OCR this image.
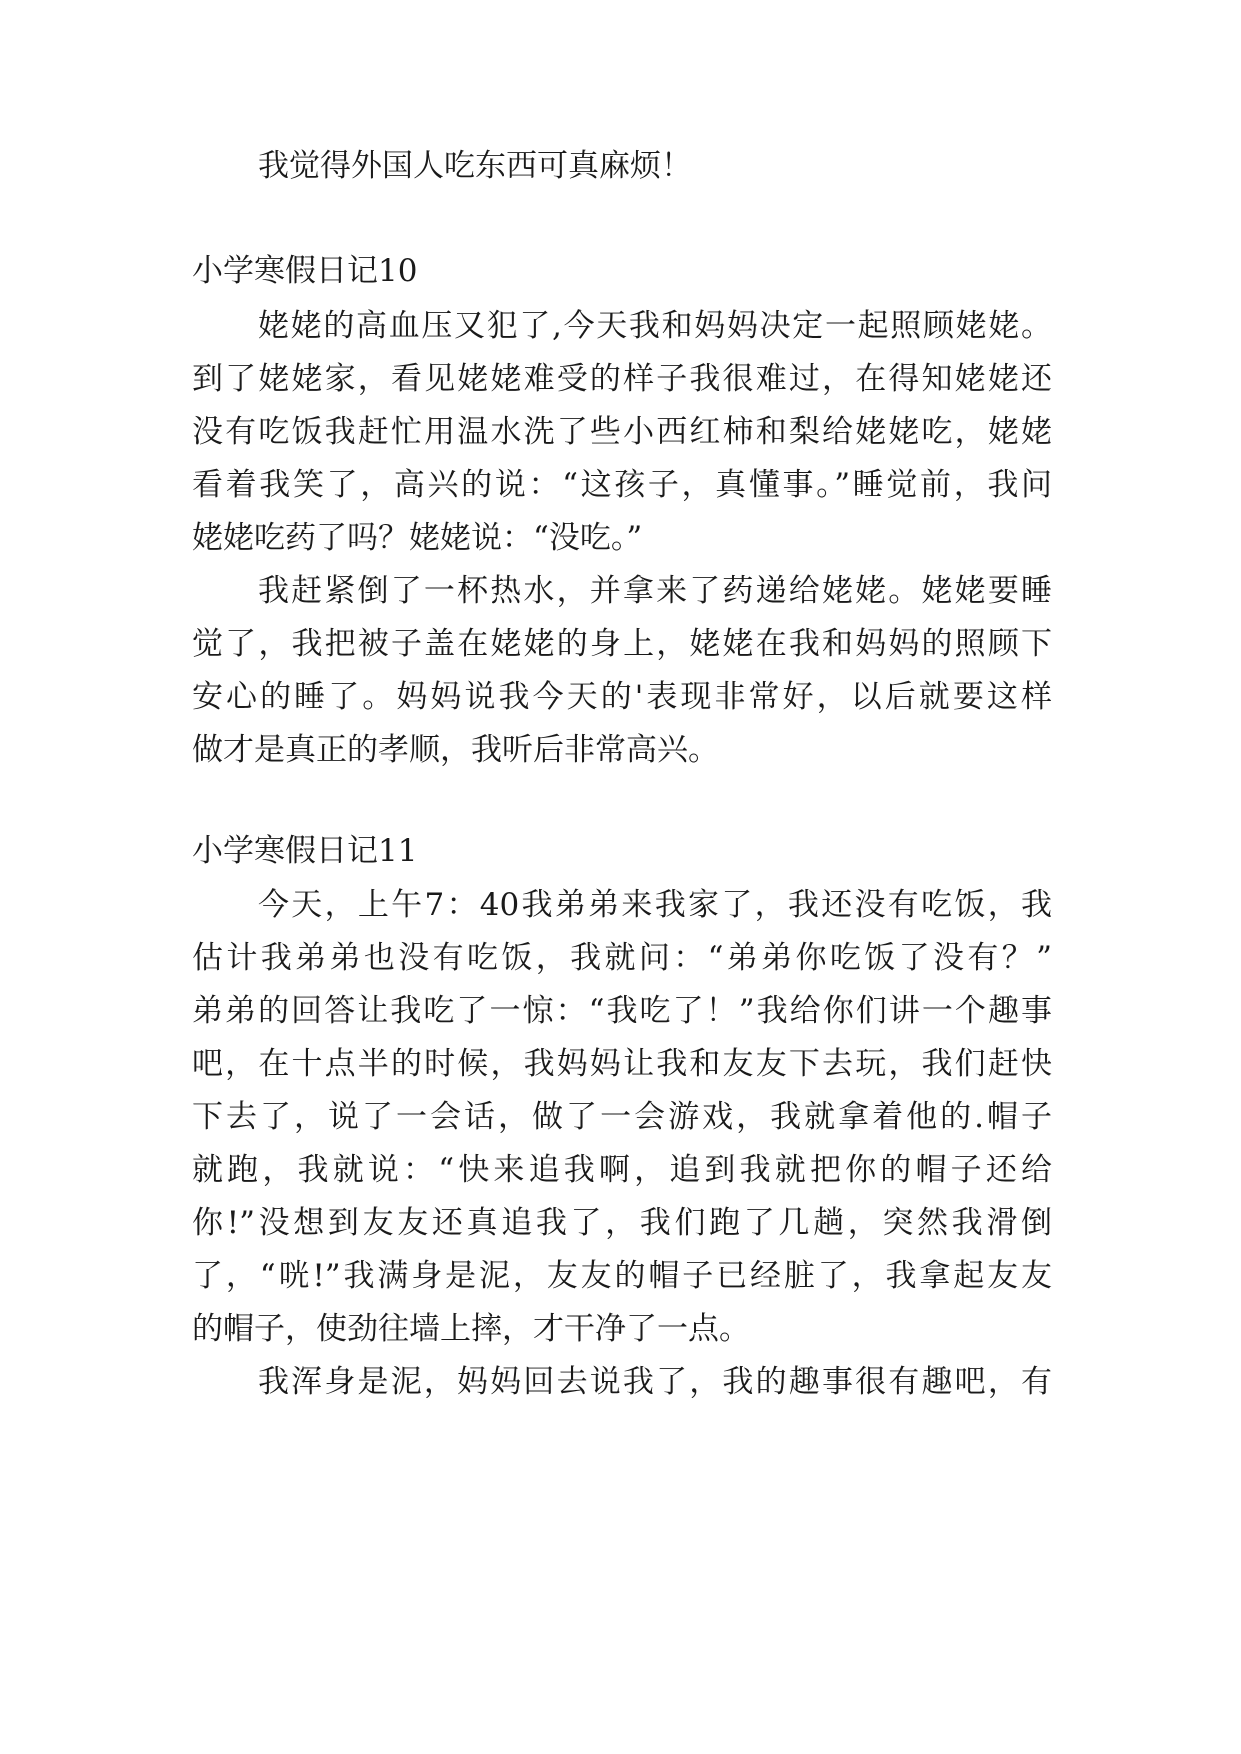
我觉得外国人吃东西可真麻烦！
小学寒假日记10
姥姥的高血压又犯了,今天我和妈妈决定一起照顾姥姥。
到了姥姥家，看见姥姥难受的样子我很难过，在得知姥姥还
没有吃饭我赶忙用温水洗了些小西红柿和梨给姥姥吃，姥姥
看着我笑了，高兴的说：“这孩子，真懂事。”睡觉前，我问
姥姥吃药了吗？姥姥说：“没吃。”
我赶紧倒了一杯热水，并拿来了药递给姥姥。姥姥要睡
觉了，我把被子盖在姥姥的身上，姥姥在我和妈妈的照顾下
安心的睡了。妈妈说我今天的'表现非常好，以后就要这样
做才是真正的孝顺，我听后非常高兴。
小学寒假日记11
今天，上午7：40我弟弟来我家了，我还没有吃饭，我
估计我弟弟也没有吃饭，我就问：“弟弟你吃饭了没有？”
弟弟的回答让我吃了一惊：“我吃了！”我给你们讲一个趣事
吧，在十点半的时候，我妈妈让我和友友下去玩，我们赶快
下去了，说了一会话，做了一会游戏，我就拿着他的.帽子
就跑，我就说：“快来追我啊，追到我就把你的帽子还给
你!”没想到友友还真追我了，我们跑了几趟，突然我滑倒
了，“咣!”我满身是泥，友友的帽子已经脏了，我拿起友友
的帽子，使劲往墙上摔，才干净了一点。
我浑身是泥，妈妈回去说我了，我的趣事很有趣吧，有
